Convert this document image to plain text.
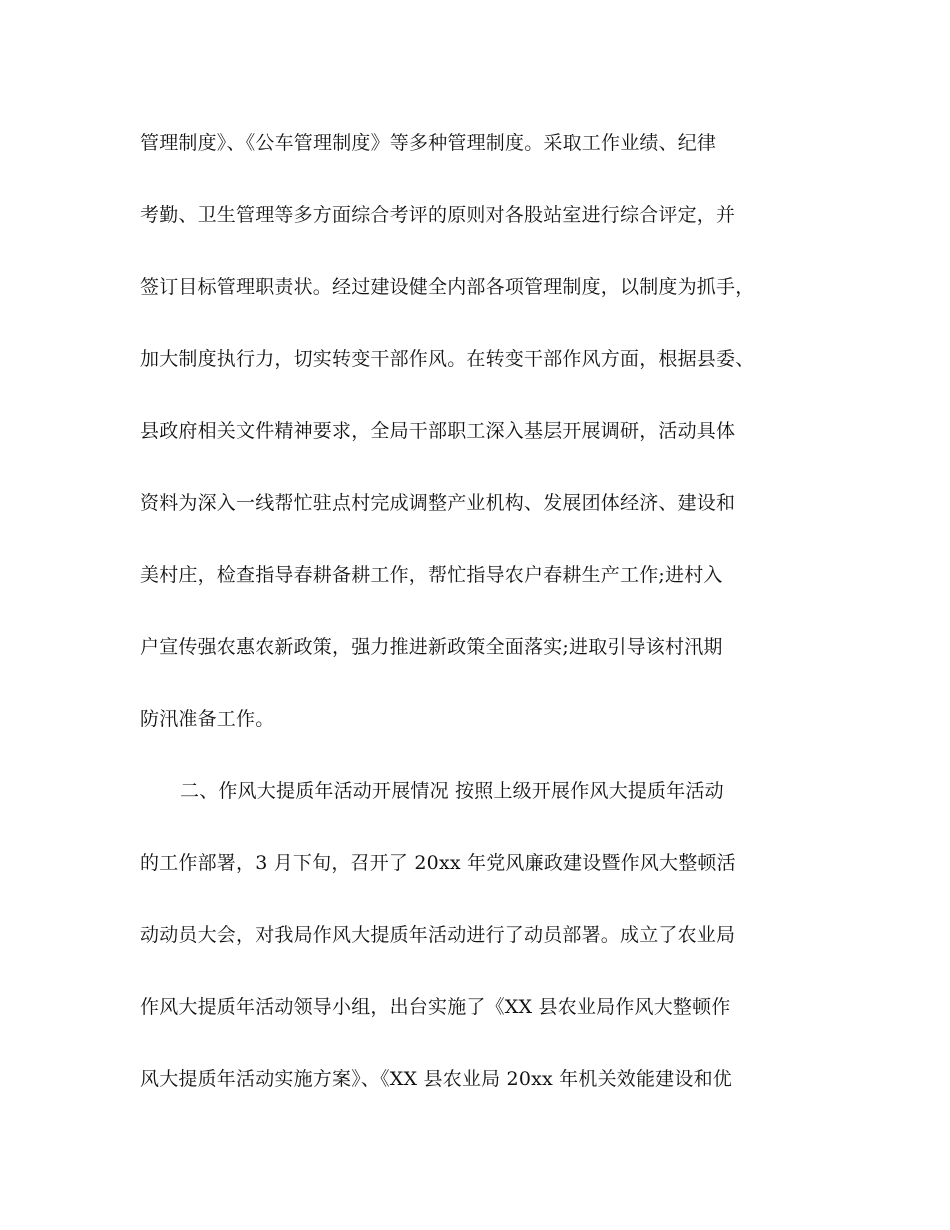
管理制度》、《公车管理制度》等多种管理制度。采取工作业绩、纪律
考勤、卫生管理等多方面综合考评的原则对各股站室进行综合评定，并
签订目标管理职责状。经过建设健全内部各项管理制度，以制度为抓手，
加大制度执行力，切实转变干部作风。在转变干部作风方面，根据县委、
县政府相关文件精神要求，全局干部职工深入基层开展调研，活动具体
资料为深入一线帮忙驻点村完成调整产业机构、发展团体经济、建设和
美村庄，检查指导春耕备耕工作，帮忙指导农户春耕生产工作;进村入
户宣传强农惠农新政策，强力推进新政策全面落实;进取引导该村汛期
防汛准备工作。
二、作风大提质年活动开展情况 按照上级开展作风大提质年活动
的工作部署，3 月下旬，召开了 20xx 年党风廉政建设暨作风大整顿活
动动员大会，对我局作风大提质年活动进行了动员部署。成立了农业局
作风大提质年活动领导小组，出台实施了《XX 县农业局作风大整顿作
风大提质年活动实施方案》、《XX 县农业局 20xx 年机关效能建设和优
